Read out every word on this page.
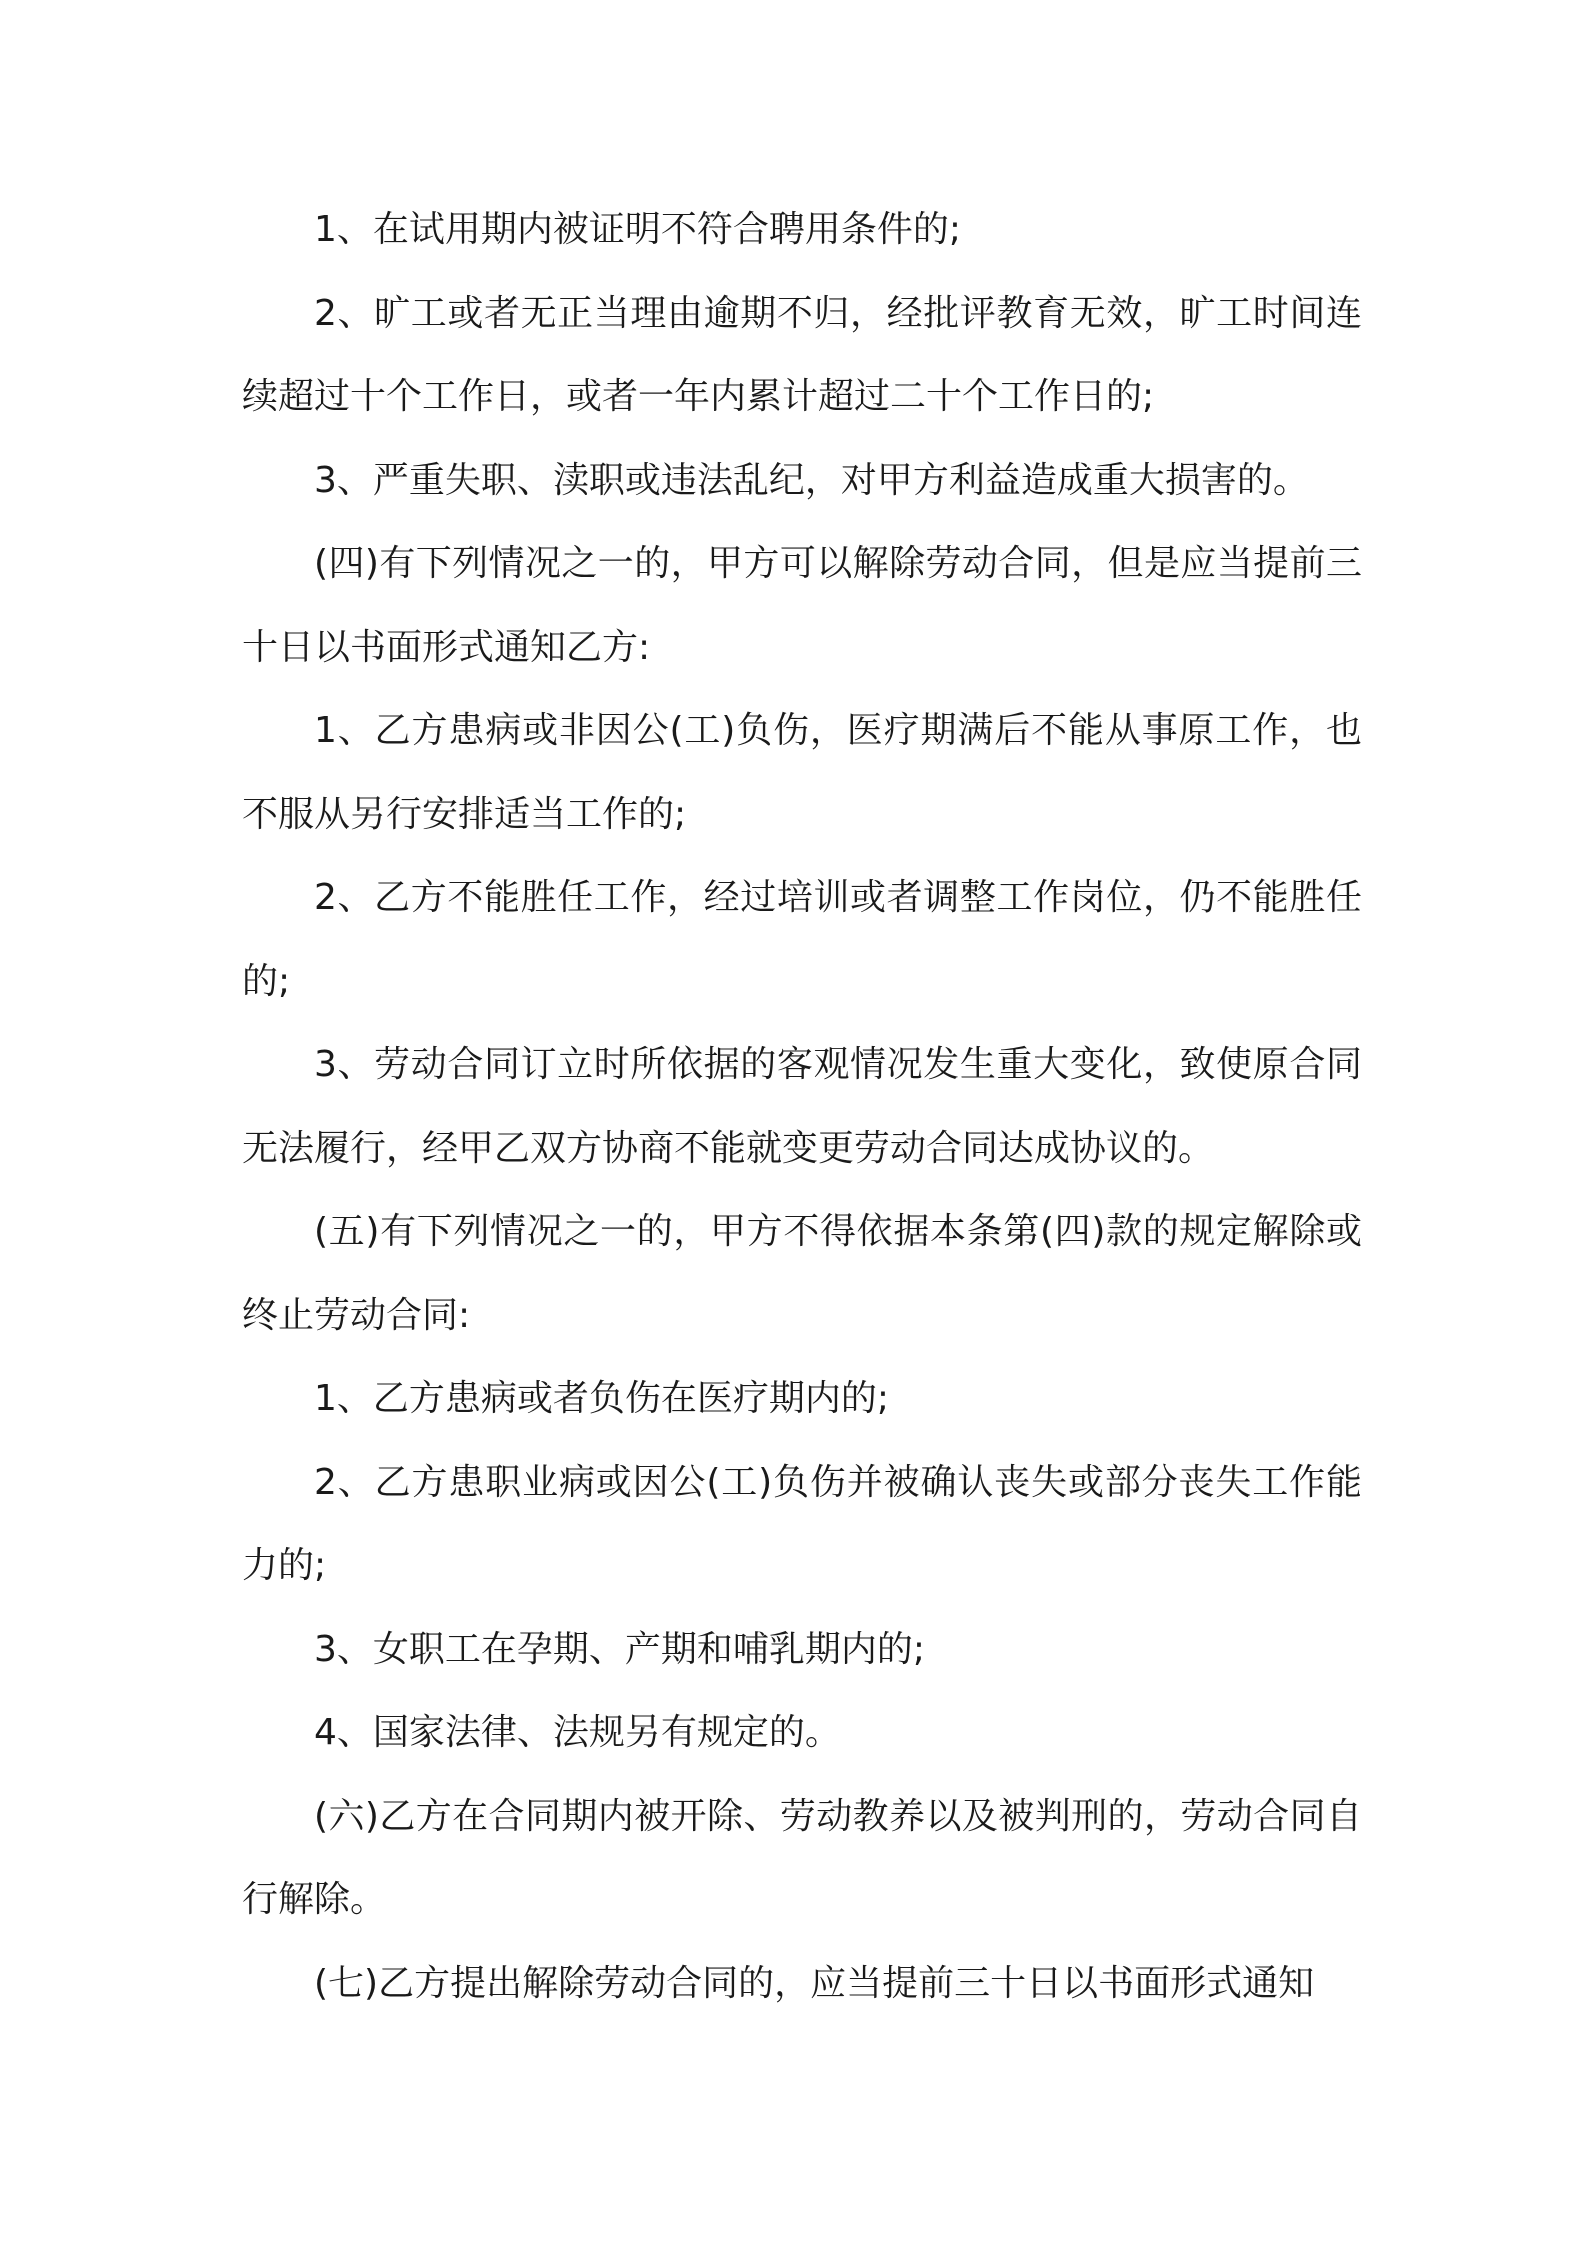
1、在试用期内被证明不符合聘用条件的;

2、旷工或者无正当理由逾期不归，经批评教育无效，旷工时间连续超过十个工作日，或者一年内累计超过二十个工作日的;

3、严重失职、渎职或违法乱纪，对甲方利益造成重大损害的。

(四)有下列情况之一的，甲方可以解除劳动合同，但是应当提前三十日以书面形式通知乙方:

1、乙方患病或非因公(工)负伤，医疗期满后不能从事原工作，也不服从另行安排适当工作的;

2、乙方不能胜任工作，经过培训或者调整工作岗位，仍不能胜任的;

3、劳动合同订立时所依据的客观情况发生重大变化，致使原合同无法履行，经甲乙双方协商不能就变更劳动合同达成协议的。

(五)有下列情况之一的，甲方不得依据本条第(四)款的规定解除或终止劳动合同:

1、乙方患病或者负伤在医疗期内的;

2、乙方患职业病或因公(工)负伤并被确认丧失或部分丧失工作能力的;

3、女职工在孕期、产期和哺乳期内的;

4、国家法律、法规另有规定的。

(六)乙方在合同期内被开除、劳动教养以及被判刑的，劳动合同自行解除。

(七)乙方提出解除劳动合同的，应当提前三十日以书面形式通知
